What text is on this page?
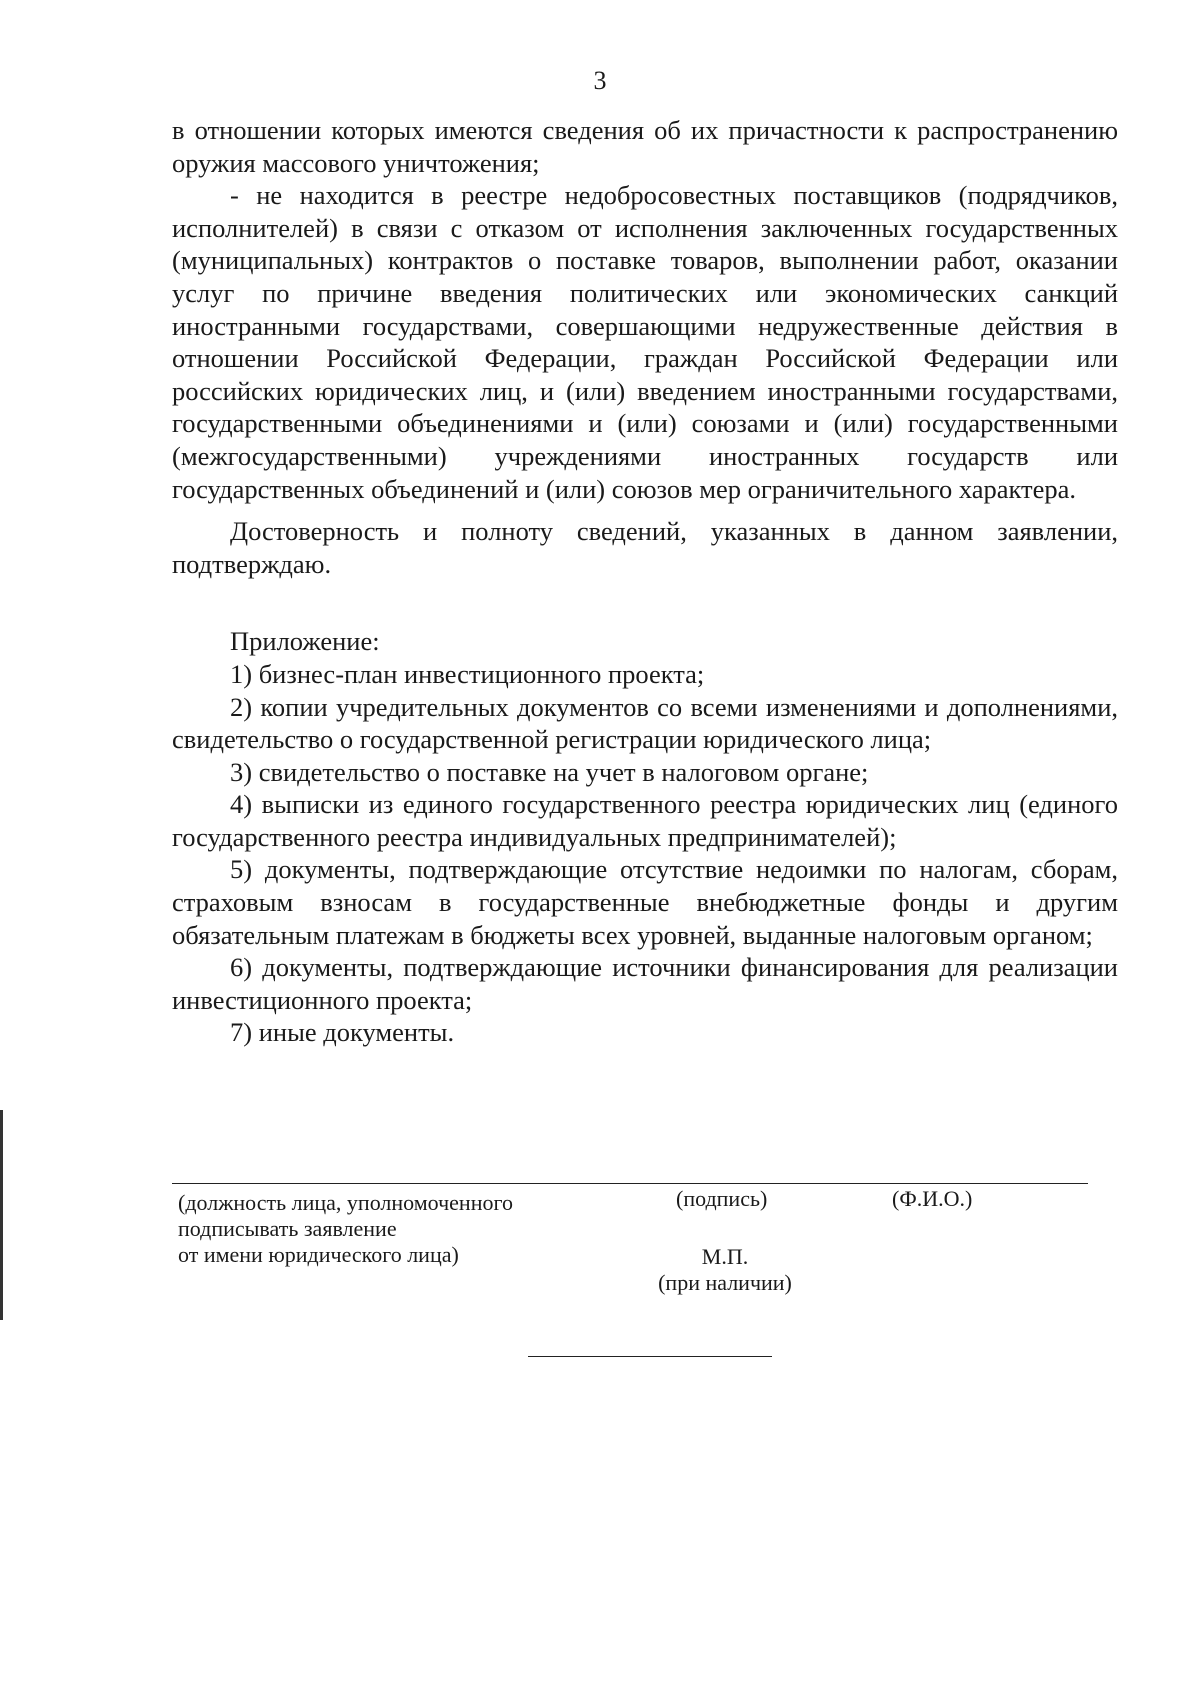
3

в отношении которых имеются сведения об их причастности к распространению оружия массового уничтожения;

- не находится в реестре недобросовестных поставщиков (подрядчиков, исполнителей) в связи с отказом от исполнения заключенных государственных (муниципальных) контрактов о поставке товаров, выполнении работ, оказании услуг по причине введения политических или экономических санкций иностранными государствами, совершающими недружественные действия в отношении Российской Федерации, граждан Российской Федерации или российских юридических лиц, и (или) введением иностранными государствами, государственными объединениями и (или) союзами и (или) государственными (межгосударственными) учреждениями иностранных государств или государственных объединений и (или) союзов мер ограничительного характера.

Достоверность и полноту сведений, указанных в данном заявлении, подтверждаю.

Приложение:

1) бизнес-план инвестиционного проекта;

2) копии учредительных документов со всеми изменениями и дополнениями, свидетельство о государственной регистрации юридического лица;

3) свидетельство о поставке на учет в налоговом органе;

4) выписки из единого государственного реестра юридических лиц (единого государственного реестра индивидуальных предпринимателей);

5) документы, подтверждающие отсутствие недоимки по налогам, сборам, страховым взносам в государственные внебюджетные фонды и другим обязательным платежам в бюджеты всех уровней, выданные налоговым органом;

6) документы, подтверждающие источники финансирования для реализации инвестиционного проекта;

7) иные документы.

(должность лица, уполномоченного
подписывать заявление
от имени юридического лица)
(подпись)	(Ф.И.О.)
М.П.
(при наличии)
